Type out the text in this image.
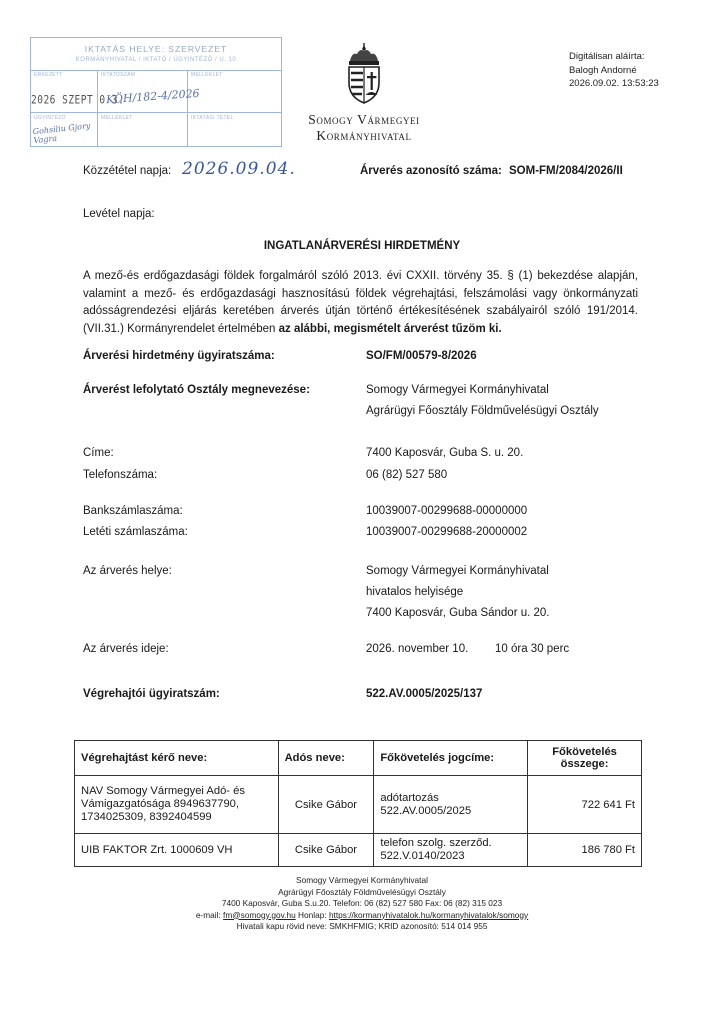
IKTATÁS HELYE: SZERVEZET
KORMÁNYHIVATAL / IKTATÓ / ÜGYINTÉZŐ / U. 10
ÉRKEZETT	IKTATÓSZÁM	MELLÉKLET
ÜGYINTÉZŐ	MELLÉKLET	IKTATÁSI TÉTEL
2026 SZEPT 0 3.
KÖH/182-4/2026
Gohsiliu Gjory Vagra
Somogy Vármegyei
Kormányhivatal
Digitálisan aláírta:
Balogh Andorné
2026.09.02. 13:53:23
Közzététel napja: 2026.09.04.	Árverés azonosító száma: SOM-FM/2084/2026/II
Levétel napja:
INGATLANÁRVERÉSI HIRDETMÉNY
A mező-és erdőgazdasági földek forgalmáról szóló 2013. évi CXXII. törvény 35. § (1) bekezdése alapján, valamint a mező- és erdőgazdasági hasznosítású földek végrehajtási, felszámolási vagy önkormányzati adósságrendezési eljárás keretében árverés útján történő értékesítésének szabályairól szóló 191/2014. (VII.31.) Kormányrendelet értelmében az alábbi, megismételt árverést tűzöm ki.
Árverési hirdetmény ügyiratszáma:	SO/FM/00579-8/2026
Árverést lefolytató Osztály megnevezése:	Somogy Vármegyei Kormányhivatal
Agrárügyi Főosztály Földművelésügyi Osztály
Címe:	7400 Kaposvár, Guba S. u. 20.
Telefonszáma:	06 (82) 527 580
Bankszámlaszáma:	10039007-00299688-00000000
Letéti számlaszáma:	10039007-00299688-20000002
Az árverés helye:	Somogy Vármegyei Kormányhivatal
hivatalos helyisége
7400 Kaposvár, Guba Sándor u. 20.
Az árverés ideje:	2026. november 10. 10 óra 30 perc
Végrehajtói ügyiratszám:	522.AV.0005/2025/137
Végrehajtást kérő neve:	Adós neve:	Főkövetelés jogcíme:	Főkövetelés összege:
NAV Somogy Vármegyei Adó- és Vámigazgatósága 8949637790, 1734025309, 8392404599	Csike Gábor	adótartozás 522.AV.0005/2025	722 641 Ft
UIB FAKTOR Zrt. 1000609 VH	Csike Gábor	telefon szolg. szerződ. 522.V.0140/2023	186 780 Ft
Somogy Vármegyei Kormányhivatal
Agrárügyi Főosztály Földművelésügyi Osztály
7400 Kaposvár, Guba S.u.20. Telefon: 06 (82) 527 580 Fax: 06 (82) 315 023
e-mail: fm@somogy.gov.hu Honlap: https://kormanyhivatalok.hu/kormanyhivatalok/somogy
Hivatali kapu rövid neve: SMKHFMIG; KRID azonosító: 514 014 955
